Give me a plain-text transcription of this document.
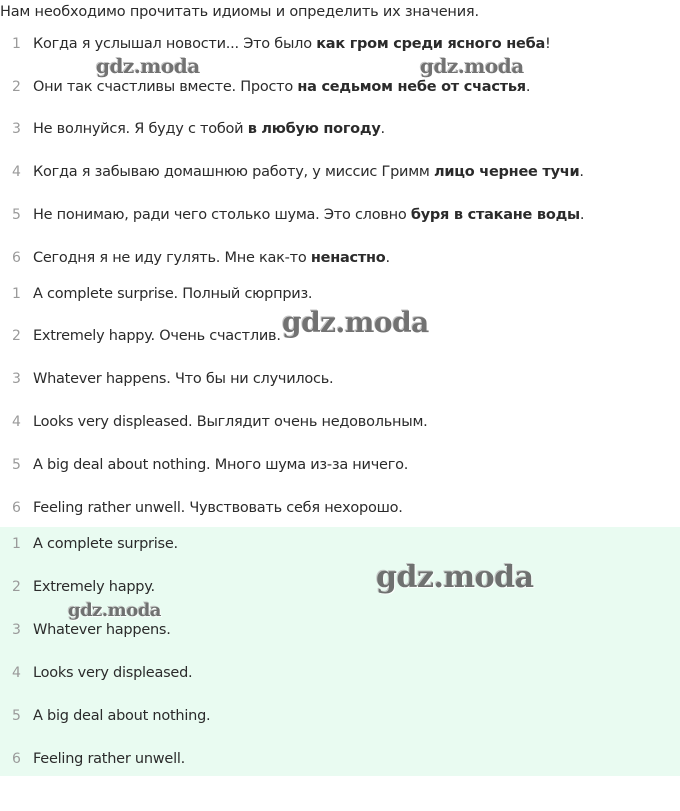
Нам необходимо прочитать идиомы и определить их значения.
1 Когда я услышал новости... Это было как гром среди ясного неба!
2 Они так счастливы вместе. Просто на седьмом небе от счастья.
3 Не волнуйся. Я буду с тобой в любую погоду.
4 Когда я забываю домашнюю работу, у миссис Гримм лицо чернее тучи.
5 Не понимаю, ради чего столько шума. Это словно буря в стакане воды.
6 Сегодня я не иду гулять. Мне как-то ненастно.
1 A complete surprise. Полный сюрприз.
2 Extremely happy. Очень счастлив.
3 Whatever happens. Что бы ни случилось.
4 Looks very displeased. Выглядит очень недовольным.
5 A big deal about nothing. Много шума из-за ничего.
6 Feeling rather unwell. Чувствовать себя нехорошо.
1 A complete surprise.
2 Extremely happy.
3 Whatever happens.
4 Looks very displeased.
5 A big deal about nothing.
6 Feeling rather unwell.
gdz.moda	gdz.moda
gdz.moda
gdz.moda
gdz.moda
